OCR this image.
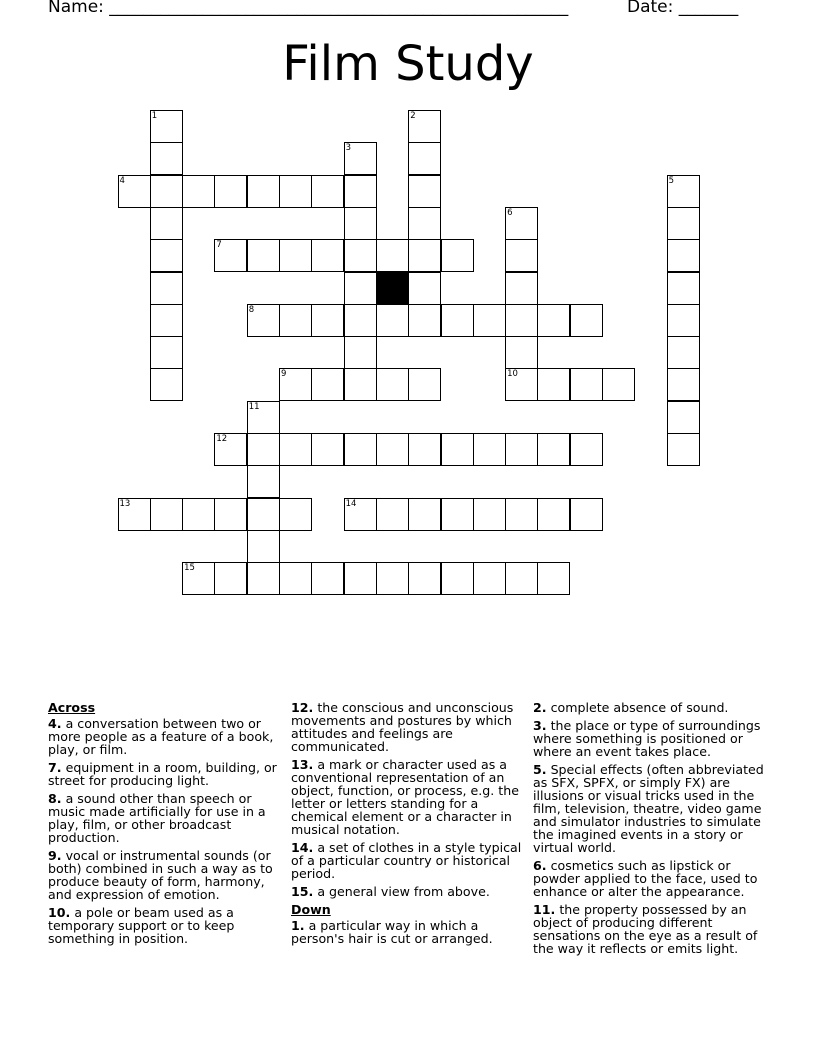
Name: ______________________________________________________	Date: _______
Film Study
1	2
3
4	5
6
10
7
8
9
11
12
13	14
15
Across
4. a conversation between two or more people as a feature of a book, play, or film.
7. equipment in a room, building, or street for producing light.
8. a sound other than speech or music made artificially for use in a play, film, or other broadcast production.
9. vocal or instrumental sounds (or both) combined in such a way as to produce beauty of form, harmony, and expression of emotion.
10. a pole or beam used as a temporary support or to keep something in position.
12. the conscious and unconscious movements and postures by which attitudes and feelings are communicated.
13. a mark or character used as a conventional representation of an object, function, or process, e.g. the letter or letters standing for a chemical element or a character in musical notation.
14. a set of clothes in a style typical of a particular country or historical period.
15. a general view from above.
Down
1. a particular way in which a person's hair is cut or arranged.
2. complete absence of sound.
3. the place or type of surroundings where something is positioned or where an event takes place.
5. Special effects (often abbreviated as SFX, SPFX, or simply FX) are illusions or visual tricks used in the film, television, theatre, video game and simulator industries to simulate the imagined events in a story or virtual world.
6. cosmetics such as lipstick or powder applied to the face, used to enhance or alter the appearance.
11. the property possessed by an object of producing different sensations on the eye as a result of the way it reflects or emits light.
